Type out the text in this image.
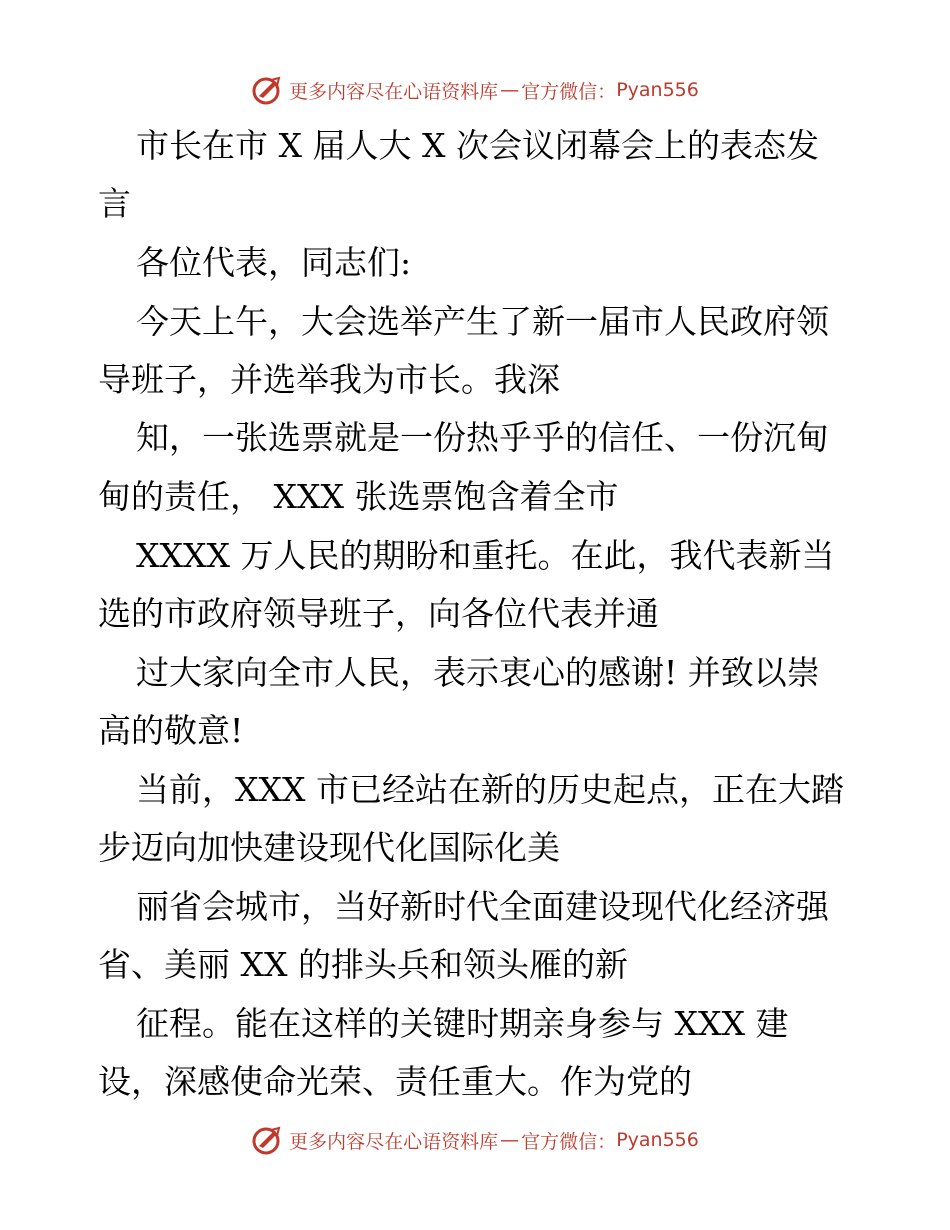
更多内容尽在心语资料库 — 官方微信 ： Pyan556
市长在市 X 届人大 X 次会议闭幕会上的表态发
言
各位代表，同志们:
今天上午，大会选举产生了新一届市人民政府领
导班子，并选举我为市长。我深
知，一张选票就是一份热乎乎的信任、一份沉甸
甸的责任， XXX 张选票饱含着全市
XXXX 万人民的期盼和重托。在此，我代表新当
选的市政府领导班子，向各位代表并通
过大家向全市人民，表示衷心的感谢! 并致以崇
高的敬意!
当前，XXX 市已经站在新的历史起点，正在大踏
步迈向加快建设现代化国际化美
丽省会城市，当好新时代全面建设现代化经济强
省、美丽 XX 的排头兵和领头雁的新
征程。能在这样的关键时期亲身参与 XXX 建
设，深感使命光荣、责任重大。作为党的
更多内容尽在心语资料库 — 官方微信 ： Pyan556
